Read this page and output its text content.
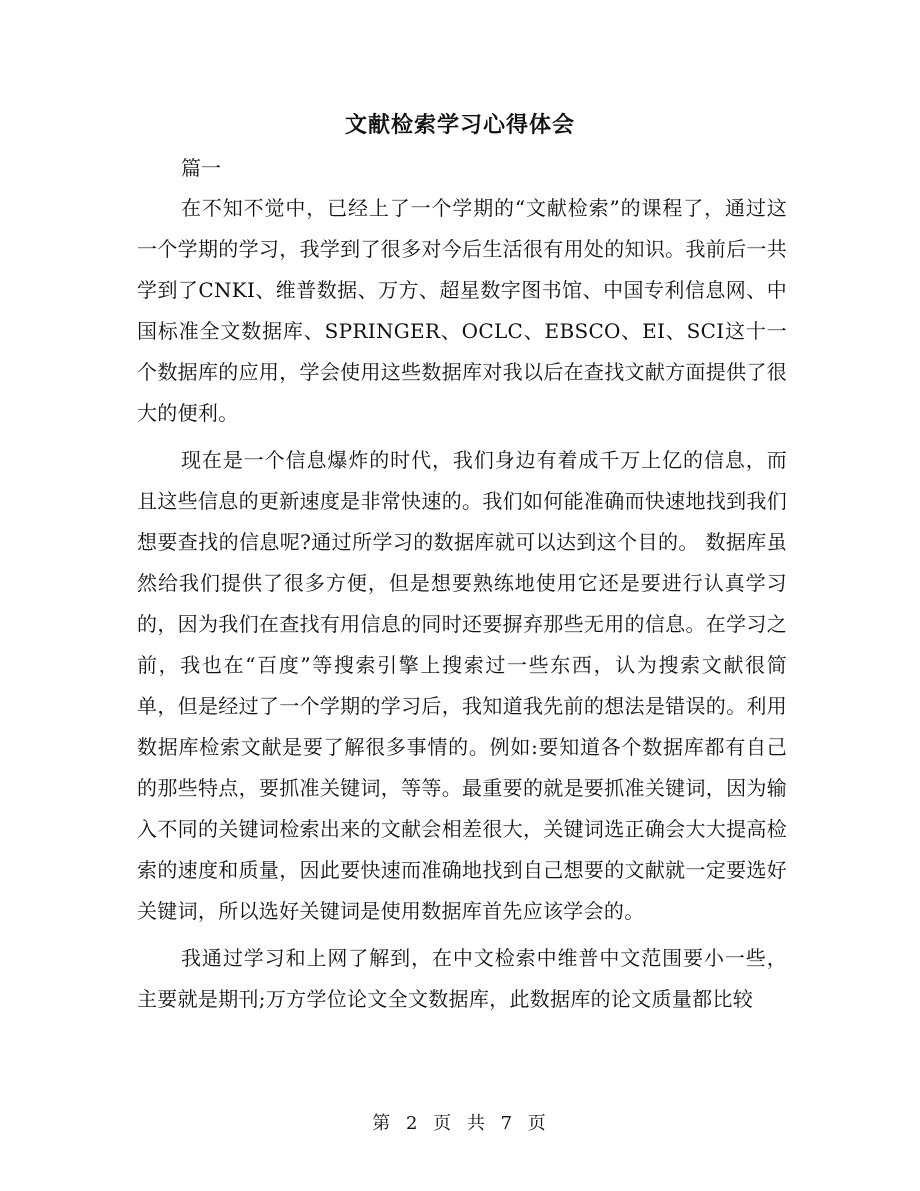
文献检索学习心得体会

篇一

在不知不觉中，已经上了一个学期的“文献检索”的课程了，通过这一个学期的学习，我学到了很多对今后生活很有用处的知识。我前后一共学到了CNKI、维普数据、万方、超星数字图书馆、中国专利信息网、中国标准全文数据库、SPRINGER、OCLC、EBSCO、EI、SCI这十一个数据库的应用，学会使用这些数据库对我以后在查找文献方面提供了很大的便利。

现在是一个信息爆炸的时代，我们身边有着成千万上亿的信息，而且这些信息的更新速度是非常快速的。我们如何能准确而快速地找到我们想要查找的信息呢?通过所学习的数据库就可以达到这个目的。 数据库虽然给我们提供了很多方便，但是想要熟练地使用它还是要进行认真学习的，因为我们在查找有用信息的同时还要摒弃那些无用的信息。在学习之前，我也在“百度”等搜索引擎上搜索过一些东西，认为搜索文献很简单，但是经过了一个学期的学习后，我知道我先前的想法是错误的。利用数据库检索文献是要了解很多事情的。例如:要知道各个数据库都有自己的那些特点，要抓准关键词，等等。最重要的就是要抓准关键词，因为输入不同的关键词检索出来的文献会相差很大，关键词选正确会大大提高检索的速度和质量，因此要快速而准确地找到自己想要的文献就一定要选好关键词，所以选好关键词是使用数据库首先应该学会的。

我通过学习和上网了解到，在中文检索中维普中文范围要小一些，主要就是期刊;万方学位论文全文数据库，此数据库的论文质量都比较

第 2 页 共 7 页
